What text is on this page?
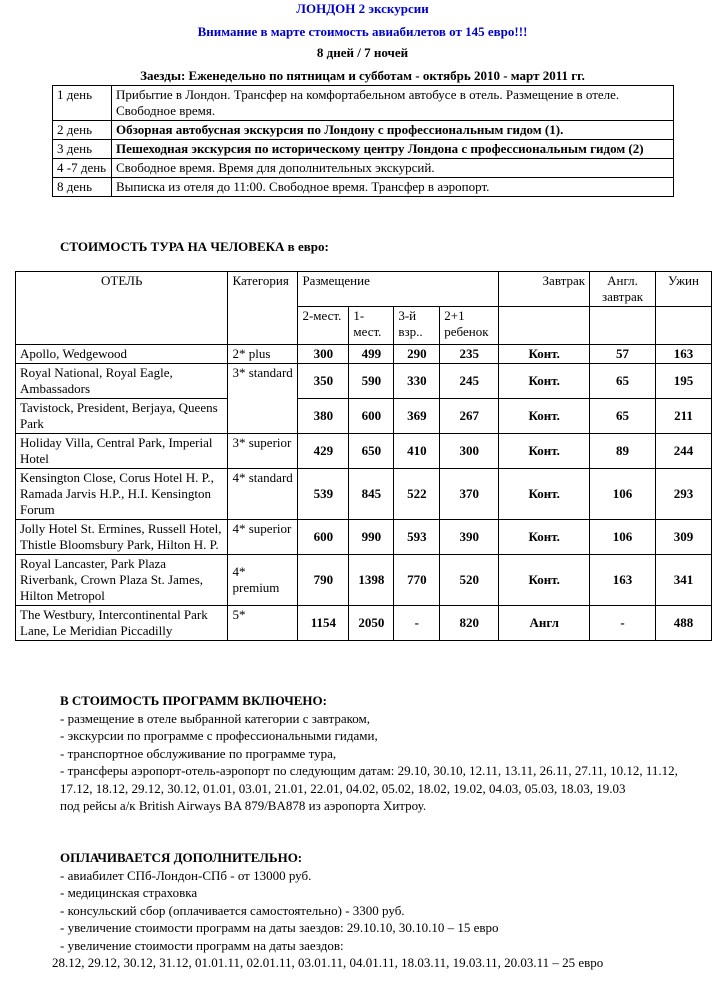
ЛОНДОН 2 экскурсии
Внимание в марте стоимость авиабилетов от 145 евро!!!
8 дней / 7 ночей
Заезды: Еженедельно по пятницам и субботам - октябрь 2010 - март 2011 гг.
1 день	Прибытие в Лондон. Трансфер на комфортабельном автобусе в отель. Размещение в отеле. Свободное время.
2 день	Обзорная автобусная экскурсия по Лондону с профессиональным гидом (1).
3 день	Пешеходная экскурсия по историческому центру Лондона с профессиональным гидом (2)
4 -7 день	Свободное время. Время для дополнительных экскурсий.
8 день	Выписка из отеля до 11:00. Свободное время. Трансфер в аэропорт.
СТОИМОСТЬ ТУРА НА ЧЕЛОВЕКА в евро:
ОТЕЛЬ	Категория	Размещение				Завтрак	Англ. завтрак	Ужин
		2-мест.	1-мест.	3-й взр..	2+1 ребенок			
Apollo, Wedgewood	2* plus	300	499	290	235	Конт.	57	163
Royal National, Royal Eagle, Ambassadors	3* standard	350	590	330	245	Конт.	65	195
Tavistock, President, Berjaya, Queens Park		380	600	369	267	Конт.	65	211
Holiday Villa, Central Park, Imperial Hotel	3* superior	429	650	410	300	Конт.	89	244
Kensington Close, Corus Hotel H. P., Ramada Jarvis H.P., H.I. Kensington Forum	4* standard	539	845	522	370	Конт.	106	293
Jolly Hotel St. Ermines, Russell Hotel, Thistle Bloomsbury Park, Hilton H. P.	4* superior	600	990	593	390	Конт.	106	309
Royal Lancaster, Park Plaza Riverbank, Crown Plaza St. James, Hilton Metropol	4* premium	790	1398	770	520	Конт.	163	341
The Westbury, Intercontinental Park Lane, Le Meridian Piccadilly	5*	1154	2050	-	820	Англ	-	488
В СТОИМОСТЬ ПРОГРАММ ВКЛЮЧЕНО:
- размещение в отеле выбранной категории с завтраком,
- экскурсии по программе с профессиональными гидами,
- транспортное обслуживание по программе тура,
- трансферы аэропорт-отель-аэропорт по следующим датам: 29.10, 30.10, 12.11, 13.11, 26.11, 27.11, 10.12, 11.12, 17.12, 18.12, 29.12, 30.12, 01.01, 03.01, 21.01, 22.01, 04.02, 05.02, 18.02, 19.02, 04.03, 05.03, 18.03, 19.03
под рейсы а/к British Airways BA 879/BA878 из аэропорта Хитроу.
ОПЛАЧИВАЕТСЯ ДОПОЛНИТЕЛЬНО:
- авиабилет СПб-Лондон-СПб - от 13000 руб.
- медицинская страховка
- консульский сбор (оплачивается самостоятельно) - 3300 руб.
- увеличение стоимости программ на даты заездов: 29.10.10, 30.10.10 – 15 евро
- увеличение стоимости программ на даты заездов:
28.12, 29.12, 30.12, 31.12, 01.01.11, 02.01.11, 03.01.11, 04.01.11, 18.03.11, 19.03.11, 20.03.11 – 25 евро
